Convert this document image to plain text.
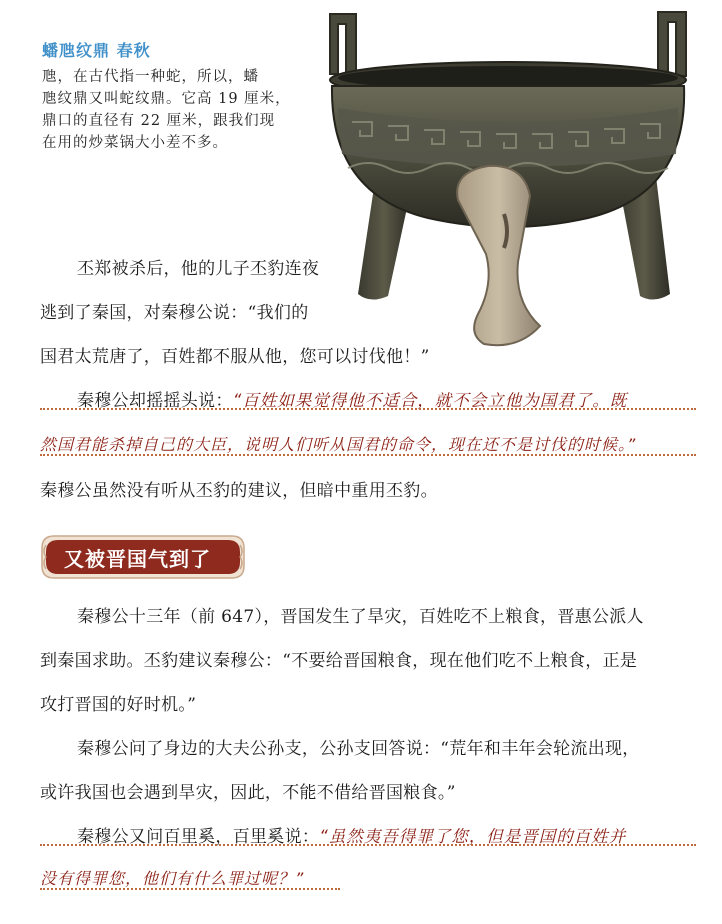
蟠虺纹鼎 春秋
虺，在古代指一种蛇，所以，蟠
虺纹鼎又叫蛇纹鼎。它高 19 厘米，
鼎口的直径有 22 厘米，跟我们现
在用的炒菜锅大小差不多。
丕郑被杀后，他的儿子丕豹连夜
逃到了秦国，对秦穆公说：“我们的
国君太荒唐了，百姓都不服从他，您可以讨伐他！”
秦穆公却摇摇头说：“百姓如果觉得他不适合，就不会立他为国君了。既
然国君能杀掉自己的大臣，说明人们听从国君的命令，现在还不是讨伐的时候。”
秦穆公虽然没有听从丕豹的建议，但暗中重用丕豹。
又被晋国气到了
秦穆公十三年（前 647），晋国发生了旱灾，百姓吃不上粮食，晋惠公派人
到秦国求助。丕豹建议秦穆公：“不要给晋国粮食，现在他们吃不上粮食，正是
攻打晋国的好时机。”
秦穆公问了身边的大夫公孙支，公孙支回答说：“荒年和丰年会轮流出现，
或许我国也会遇到旱灾，因此，不能不借给晋国粮食。”
秦穆公又问百里奚，百里奚说：“虽然夷吾得罪了您，但是晋国的百姓并
没有得罪您，他们有什么罪过呢？”
